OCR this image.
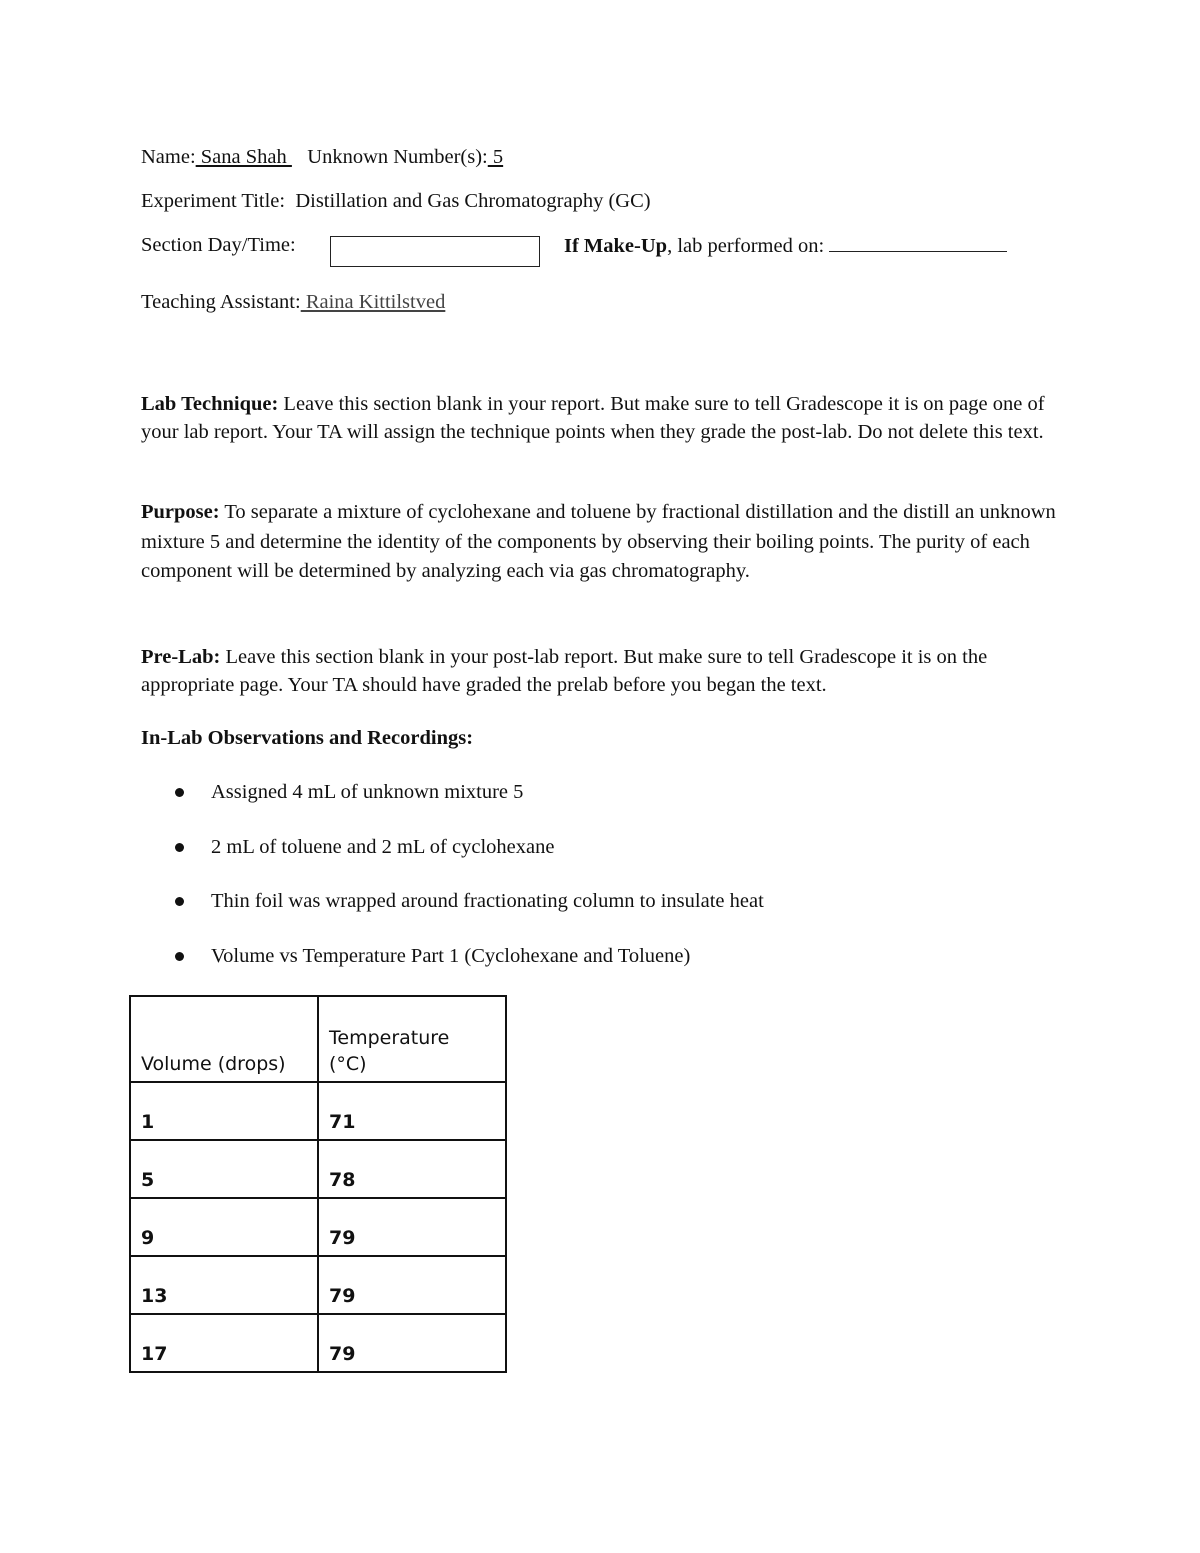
Name: Sana Shah    Unknown Number(s): 5
Experiment Title: Distillation and Gas Chromatography (GC)
Section Day/Time:	If Make-Up, lab performed on:
Teaching Assistant: Raina Kittilstved
Lab Technique: Leave this section blank in your report. But make sure to tell Gradescope it is on page one of your lab report. Your TA will assign the technique points when they grade the post-lab. Do not delete this text.
Purpose: To separate a mixture of cyclohexane and toluene by fractional distillation and the distill an unknown mixture 5 and determine the identity of the components by observing their boiling points. The purity of each component will be determined by analyzing each via gas chromatography.
Pre-Lab: Leave this section blank in your post-lab report. But make sure to tell Gradescope it is on the appropriate page. Your TA should have graded the prelab before you began the text.
In-Lab Observations and Recordings:
Assigned 4 mL of unknown mixture 5
2 mL of toluene and 2 mL of cyclohexane
Thin foil was wrapped around fractionating column to insulate heat
Volume vs Temperature Part 1 (Cyclohexane and Toluene)
Volume (drops)	Temperature
(°C)
1	71
5	78
9	79
13	79
17	79
